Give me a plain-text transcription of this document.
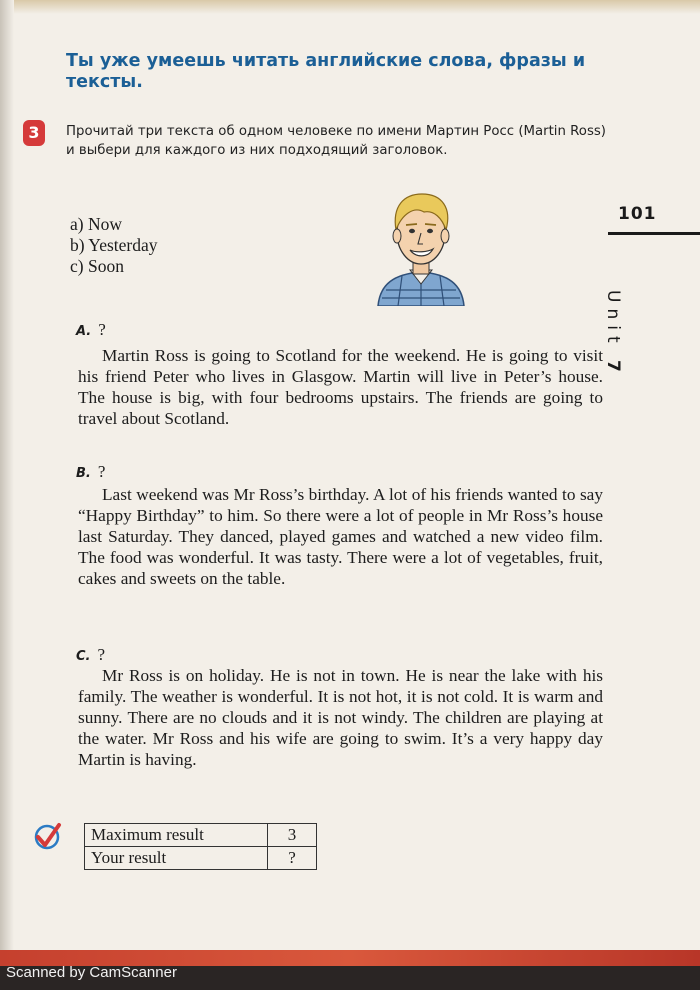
Ты уже умеешь читать английские слова, фразы и тексты.
3	Прочитай три текста об одном человеке по имени Мартин Росс (Martin Ross) и выбери для каждого из них подходящий заголовок.
a) Now
b) Yesterday
c) Soon
101
Unit 7
A. ?

Martin Ross is going to Scotland for the weekend. He is going to visit his friend Peter who lives in Glasgow. Martin will live in Peter’s house. The house is big, with four bedrooms upstairs. The friends are going to travel about Scotland.

B. ?

Last weekend was Mr Ross’s birthday. A lot of his friends wanted to say “Happy Birthday” to him. So there were a lot of people in Mr Ross’s house last Saturday. They danced, played games and watched a new video film. The food was wonderful. It was tasty. There were a lot of vegetables, fruit, cakes and sweets on the table.

C. ?

Mr Ross is on holiday. He is not in town. He is near the lake with his family. The weather is wonderful. It is not hot, it is not cold. It is warm and sunny. There are no clouds and it is not windy. The children are playing at the water. Mr Ross and his wife are going to swim. It’s a very happy day Martin is having.

Maximum result	3
Your result	?
Scanned by CamScanner
